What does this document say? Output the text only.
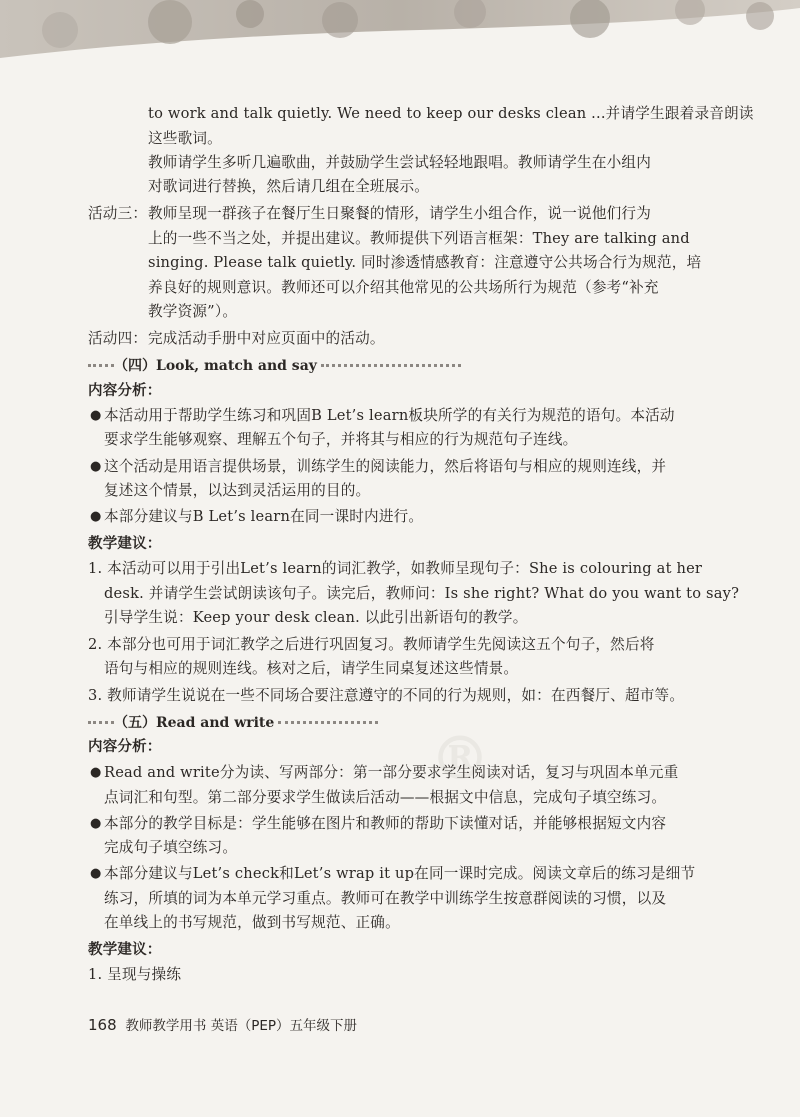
®
to work and talk quietly. We need to keep our desks clean ...并请学生跟着录音朗读
这些歌词。
教师请学生多听几遍歌曲，并鼓励学生尝试轻轻地跟唱。教师请学生在小组内
对歌词进行替换，然后请几组在全班展示。
活动三： 教师呈现一群孩子在餐厅生日聚餐的情形，请学生小组合作，说一说他们行为
上的一些不当之处，并提出建议。教师提供下列语言框架：They are talking and
singing. Please talk quietly. 同时渗透情感教育：注意遵守公共场合行为规范，培
养良好的规则意识。教师还可以介绍其他常见的公共场所行为规范（参考“补充
教学资源”）。
活动四： 完成活动手册中对应页面中的活动。
（四）Look, match and say
内容分析：
● 本活动用于帮助学生练习和巩固B Let’s learn板块所学的有关行为规范的语句。本活动
要求学生能够观察、理解五个句子，并将其与相应的行为规范句子连线。
● 这个活动是用语言提供场景，训练学生的阅读能力，然后将语句与相应的规则连线，并
复述这个情景，以达到灵活运用的目的。
● 本部分建议与B Let’s learn在同一课时内进行。
教学建议：
1. 本活动可以用于引出Let’s learn的词汇教学，如教师呈现句子：She is colouring at her
desk. 并请学生尝试朗读该句子。读完后，教师问：Is she right? What do you want to say?
引导学生说：Keep your desk clean. 以此引出新语句的教学。
2. 本部分也可用于词汇教学之后进行巩固复习。教师请学生先阅读这五个句子，然后将
语句与相应的规则连线。核对之后，请学生同桌复述这些情景。
3. 教师请学生说说在一些不同场合要注意遵守的不同的行为规则，如：在西餐厅、超市等。
（五）Read and write
内容分析：
● Read and write分为读、写两部分：第一部分要求学生阅读对话，复习与巩固本单元重
点词汇和句型。第二部分要求学生做读后活动——根据文中信息，完成句子填空练习。
● 本部分的教学目标是：学生能够在图片和教师的帮助下读懂对话，并能够根据短文内容
完成句子填空练习。
● 本部分建议与Let’s check和Let’s wrap it up在同一课时完成。阅读文章后的练习是细节
练习，所填的词为本单元学习重点。教师可在教学中训练学生按意群阅读的习惯，以及
在单线上的书写规范，做到书写规范、正确。
教学建议：
1. 呈现与操练
168 教师教学用书 英语（PEP）五年级下册
